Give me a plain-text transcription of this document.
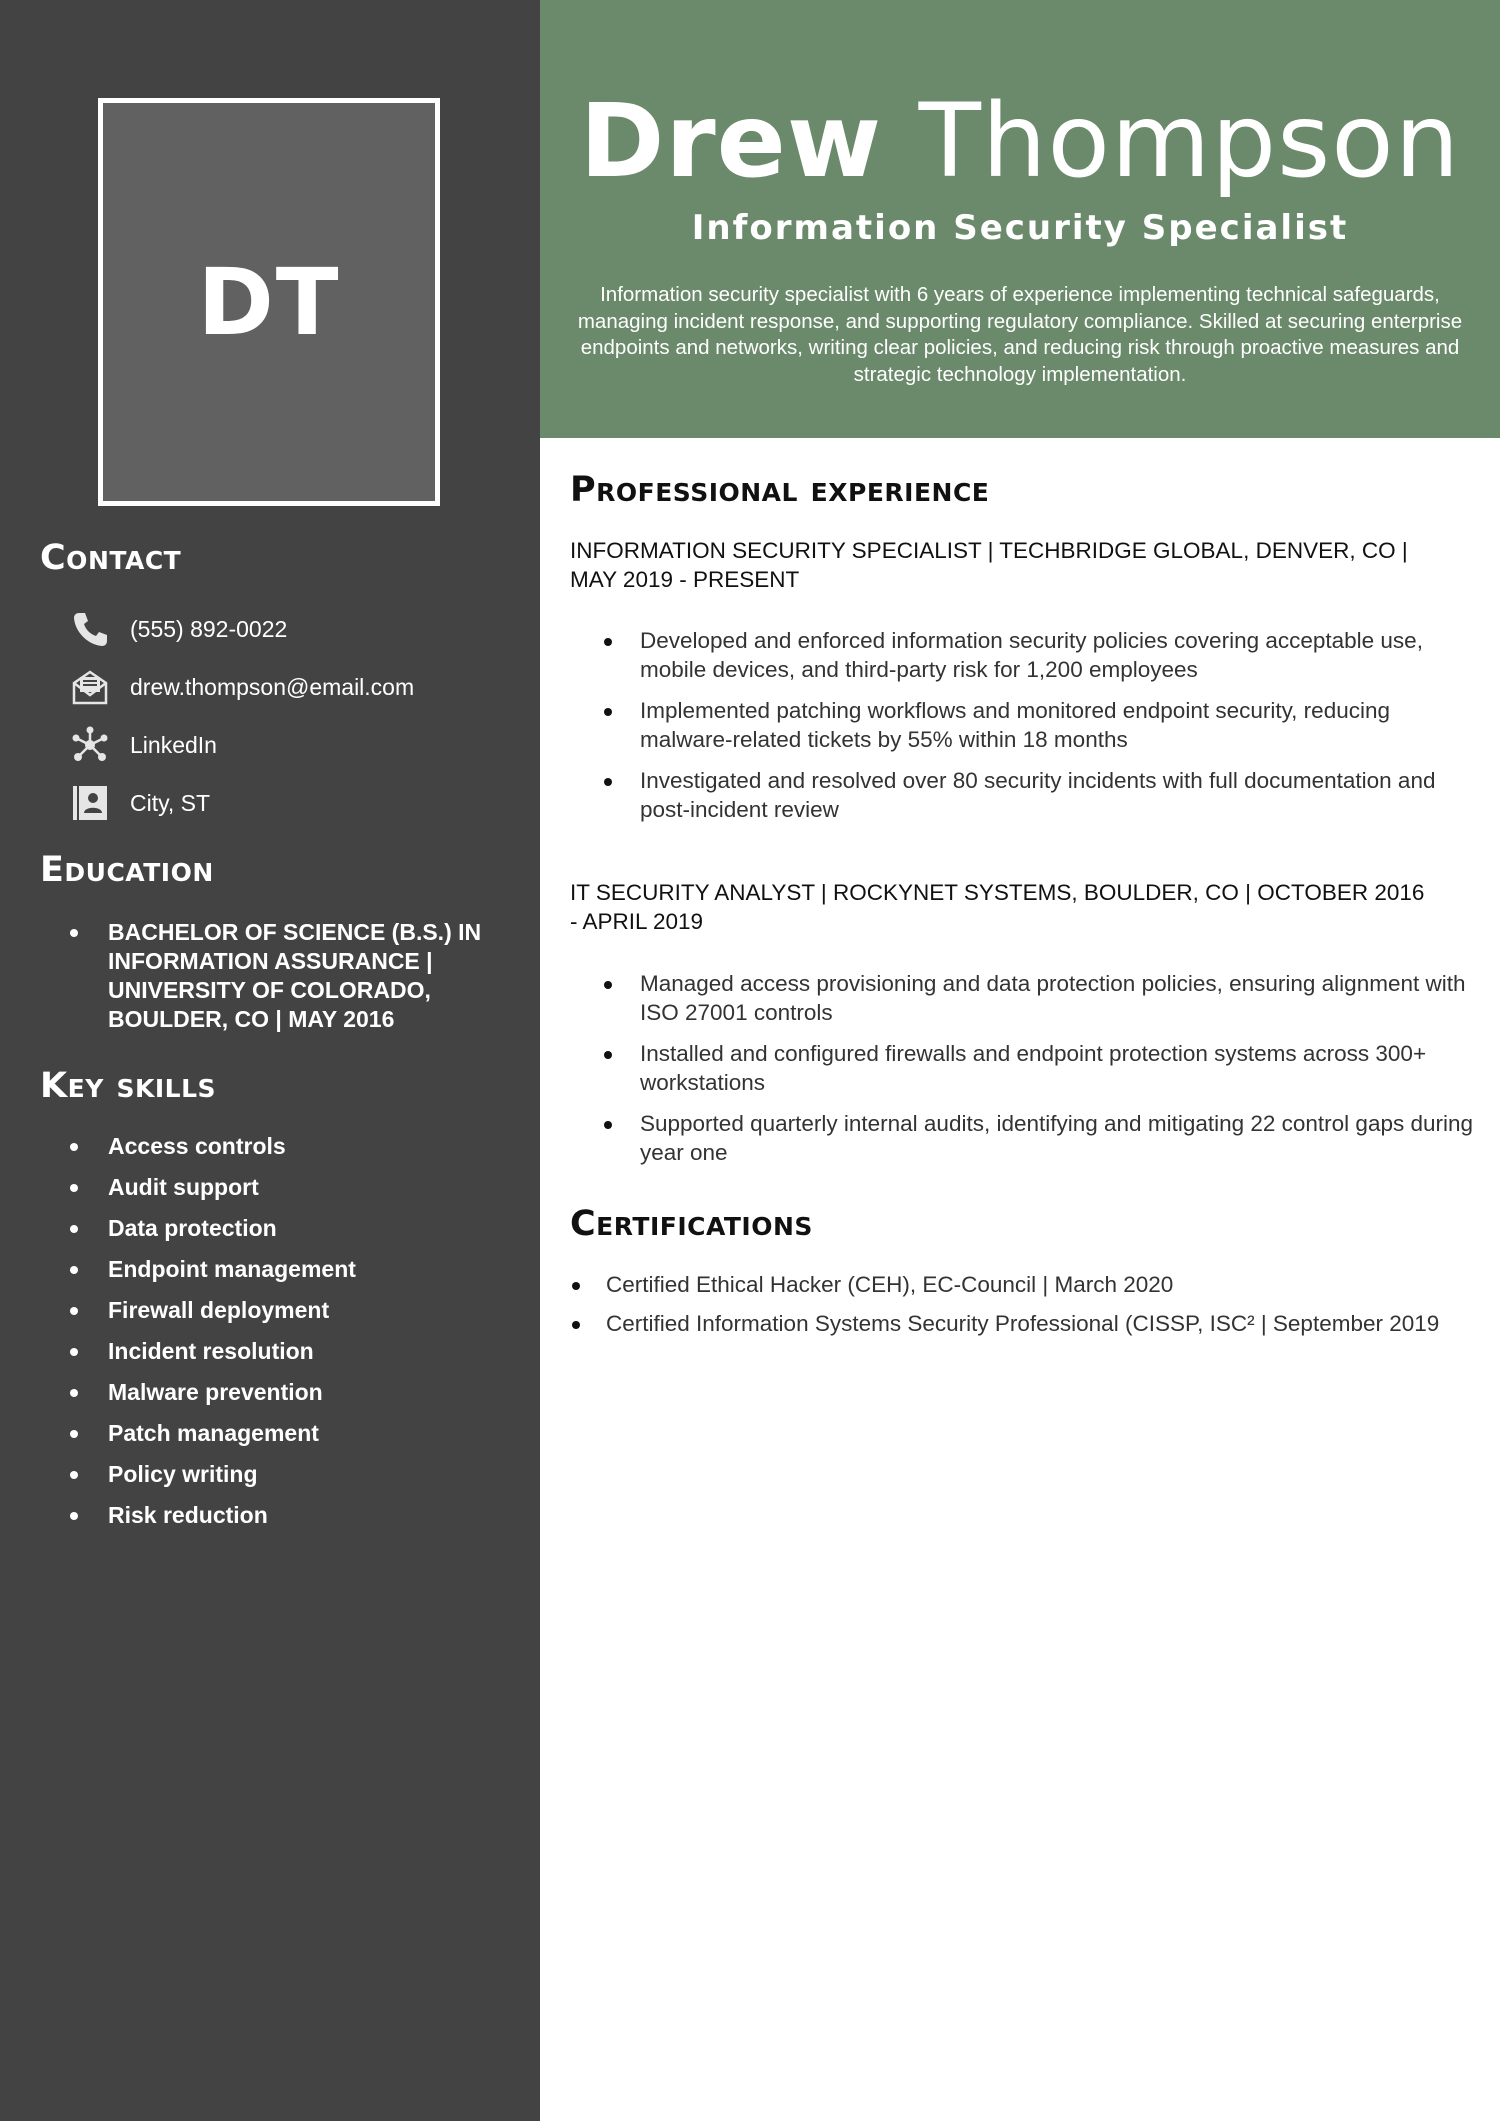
DT
Contact
(555) 892-0022
drew.thompson@email.com
LinkedIn
City, ST
Education
BACHELOR OF SCIENCE (B.S.) IN INFORMATION ASSURANCE | UNIVERSITY OF COLORADO, BOULDER, CO | MAY 2016
Key skills
Access controls
Audit support
Data protection
Endpoint management
Firewall deployment
Incident resolution
Malware prevention
Patch management
Policy writing
Risk reduction
Drew Thompson
Information Security Specialist

Information security specialist with 6 years of experience implementing technical safeguards, managing incident response, and supporting regulatory compliance. Skilled at securing enterprise endpoints and networks, writing clear policies, and reducing risk through proactive measures and strategic technology implementation.

Professional experience

INFORMATION SECURITY SPECIALIST | TECHBRIDGE GLOBAL, DENVER, CO | MAY 2019 - PRESENT

Developed and enforced information security policies covering acceptable use, mobile devices, and third-party risk for 1,200 employees
Implemented patching workflows and monitored endpoint security, reducing malware-related tickets by 55% within 18 months
Investigated and resolved over 80 security incidents with full documentation and post-incident review

IT SECURITY ANALYST | ROCKYNET SYSTEMS, BOULDER, CO | OCTOBER 2016 - APRIL 2019

Managed access provisioning and data protection policies, ensuring alignment with ISO 27001 controls
Installed and configured firewalls and endpoint protection systems across 300+ workstations
Supported quarterly internal audits, identifying and mitigating 22 control gaps during year one
Certifications
Certified Ethical Hacker (CEH), EC-Council | March 2020
Certified Information Systems Security Professional (CISSP, ISC² | September 2019
